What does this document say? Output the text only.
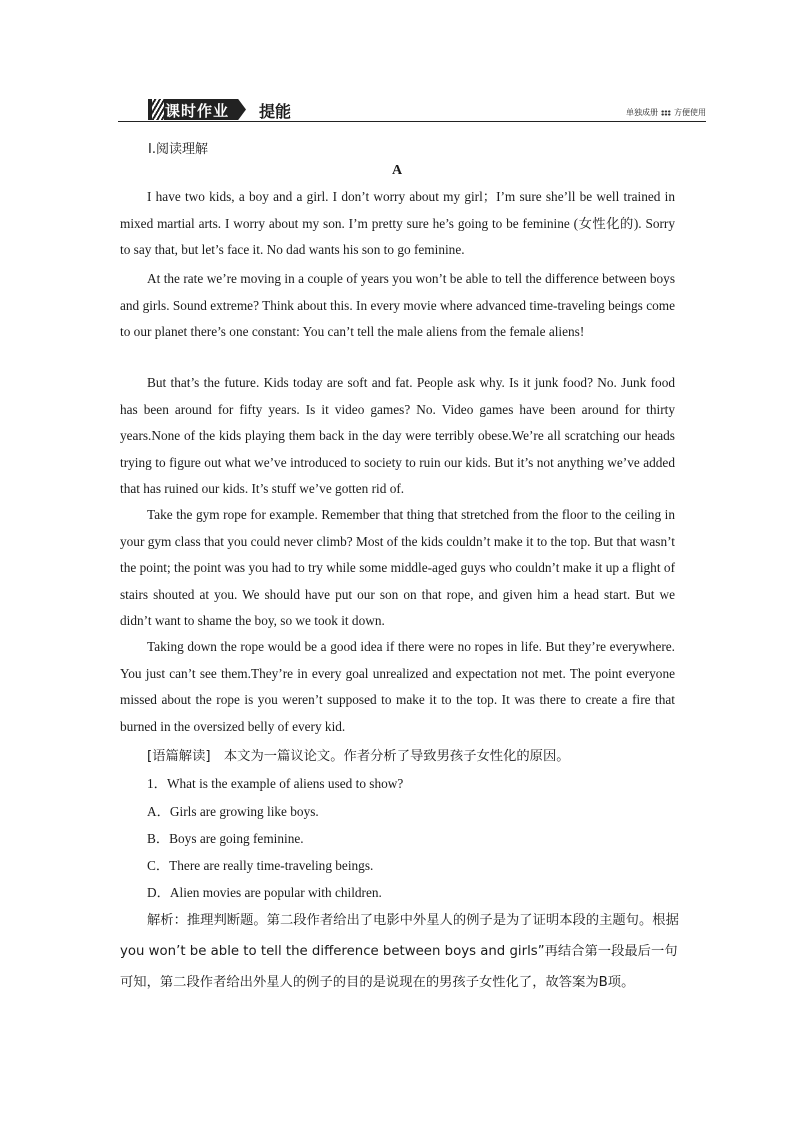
课时作业 提能	单独成册 方便使用
Ⅰ.阅读理解
A

I have two kids, a boy and a girl. I don’t worry about my girl；I’m sure she’ll be well trained in mixed martial arts. I worry about my son. I’m pretty sure he’s going to be feminine (女性化的). Sorry to say that, but let’s face it. No dad wants his son to go feminine.

At the rate we’re moving in a couple of years you won’t be able to tell the difference between boys and girls. Sound extreme? Think about this. In every movie where advanced time-traveling beings come to our planet there’s one constant: You can’t tell the male aliens from the female aliens!

But that’s the future. Kids today are soft and fat. People ask why. Is it junk food? No. Junk food has been around for fifty years. Is it video games? No. Video games have been around for thirty years.None of the kids playing them back in the day were terribly obese.We’re all scratching our heads trying to figure out what we’ve introduced to society to ruin our kids. But it’s not anything we’ve added that has ruined our kids. It’s stuff we’ve gotten rid of.

Take the gym rope for example. Remember that thing that stretched from the floor to the ceiling in your gym class that you could never climb? Most of the kids couldn’t make it to the top. But that wasn’t the point; the point was you had to try while some middle-aged guys who couldn’t make it up a flight of stairs shouted at you. We should have put our son on that rope, and given him a head start. But we didn’t want to shame the boy, so we took it down.

Taking down the rope would be a good idea if there were no ropes in life. But they’re everywhere.　You just can’t see them.They’re in every goal unrealized and expectation not met. The point everyone missed about the rope is you weren’t supposed to make it to the top. It was there to create a fire that burned in the oversized belly of every kid.

[语篇解读]　本文为一篇议论文。作者分析了导致男孩子女性化的原因。

1．What is the example of aliens used to show?

A．Girls are growing like boys.

B．Boys are going feminine.

C．There are really time-traveling beings.

D．Alien movies are popular with children.

解析：推理判断题。第二段作者给出了电影中外星人的例子是为了证明本段的主题句。根据you won’t be able to tell the difference between boys and girls”再结合第一段最后一句可知，第二段作者给出外星人的例子的目的是说现在的男孩子女性化了，故答案为B项。
